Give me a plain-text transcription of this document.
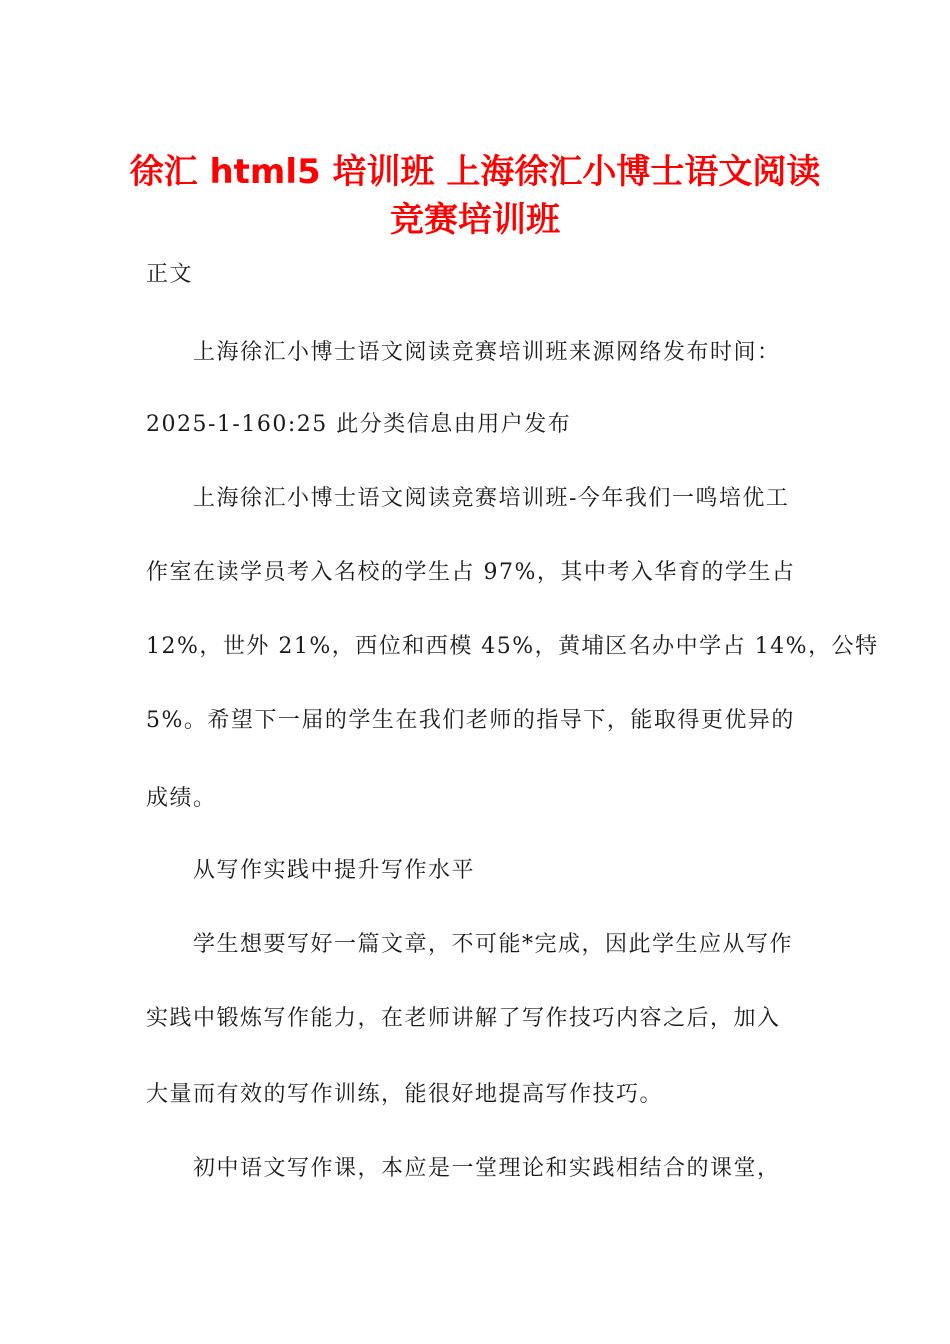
徐汇 html5 培训班 上海徐汇小博士语文阅读
竞赛培训班
正文
上海徐汇小博士语文阅读竞赛培训班来源网络发布时间：
2025-1-160:25 此分类信息由用户发布
上海徐汇小博士语文阅读竞赛培训班-今年我们一鸣培优工
作室在读学员考入名校的学生占 97%，其中考入华育的学生占
12%，世外 21%，西位和西模 45%，黄埔区名办中学占 14%，公特
5%。希望下一届的学生在我们老师的指导下，能取得更优异的
成绩。
从写作实践中提升写作水平
学生想要写好一篇文章，不可能*完成，因此学生应从写作
实践中锻炼写作能力，在老师讲解了写作技巧内容之后，加入
大量而有效的写作训练，能很好地提高写作技巧。
初中语文写作课，本应是一堂理论和实践相结合的课堂，
